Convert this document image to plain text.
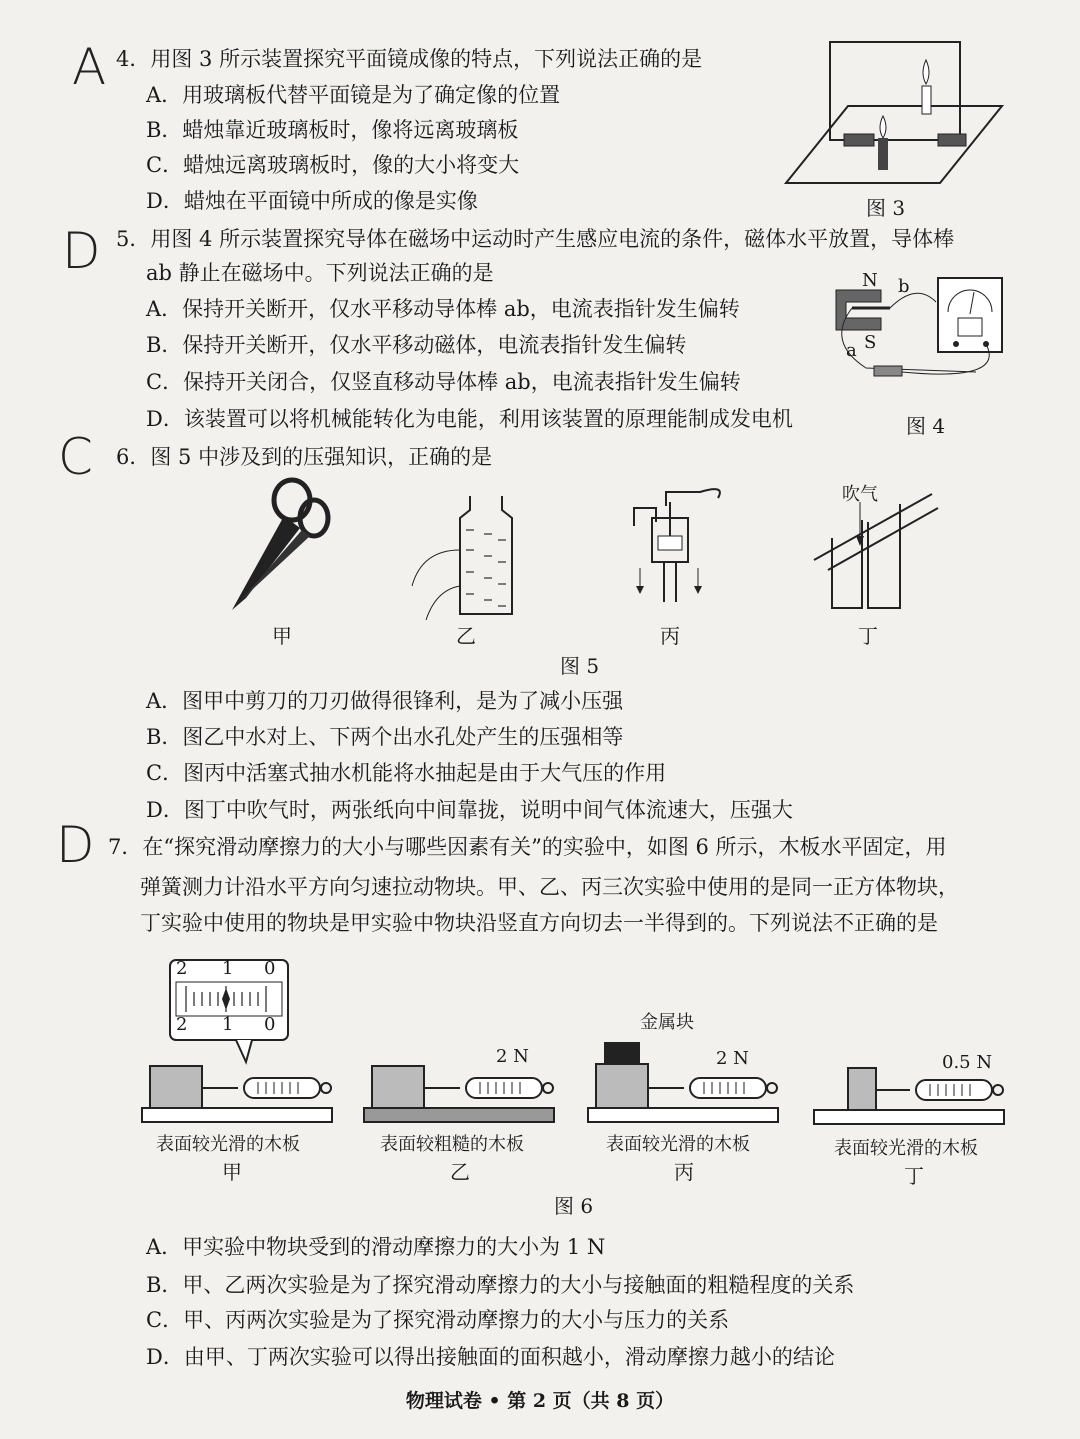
A
D
C
D
4．用图 3 所示装置探究平面镜成像的特点，下列说法正确的是
A．用玻璃板代替平面镜是为了确定像的位置
B．蜡烛靠近玻璃板时，像将远离玻璃板
C．蜡烛远离玻璃板时，像的大小将变大
D．蜡烛在平面镜中所成的像是实像	图 3
5．用图 4 所示装置探究导体在磁场中运动时产生感应电流的条件，磁体水平放置，导体棒
ab 静止在磁场中。下列说法正确的是
A．保持开关断开，仅水平移动导体棒 ab，电流表指针发生偏转
B．保持开关断开，仅水平移动磁体，电流表指针发生偏转
C．保持开关闭合，仅竖直移动导体棒 ab，电流表指针发生偏转
D．该装置可以将机械能转化为电能，利用该装置的原理能制成发电机
N b
a S
图 4
6．图 5 中涉及到的压强知识，正确的是
吹气
甲	乙	丙	丁
图 5
A．图甲中剪刀的刀刃做得很锋利，是为了减小压强
B．图乙中水对上、下两个出水孔处产生的压强相等
C．图丙中活塞式抽水机能将水抽起是由于大气压的作用
D．图丁中吹气时，两张纸向中间靠拢，说明中间气体流速大，压强大
7．在“探究滑动摩擦力的大小与哪些因素有关”的实验中，如图 6 所示，木板水平固定，用
弹簧测力计沿水平方向匀速拉动物块。甲、乙、丙三次实验中使用的是同一正方体物块，
丁实验中使用的物块是甲实验中物块沿竖直方向切去一半得到的。下列说法不正确的是
2 1 0
2 1 0
2 N
金属块
2 N	0.5 N
表面较光滑的木板	表面较粗糙的木板	表面较光滑的木板	表面较光滑的木板
甲	乙	丙	丁
图 6
A．甲实验中物块受到的滑动摩擦力的大小为 1 N
B．甲、乙两次实验是为了探究滑动摩擦力的大小与接触面的粗糙程度的关系
C．甲、丙两次实验是为了探究滑动摩擦力的大小与压力的关系
D．由甲、丁两次实验可以得出接触面的面积越小，滑动摩擦力越小的结论
物理试卷 • 第 2 页（共 8 页）
